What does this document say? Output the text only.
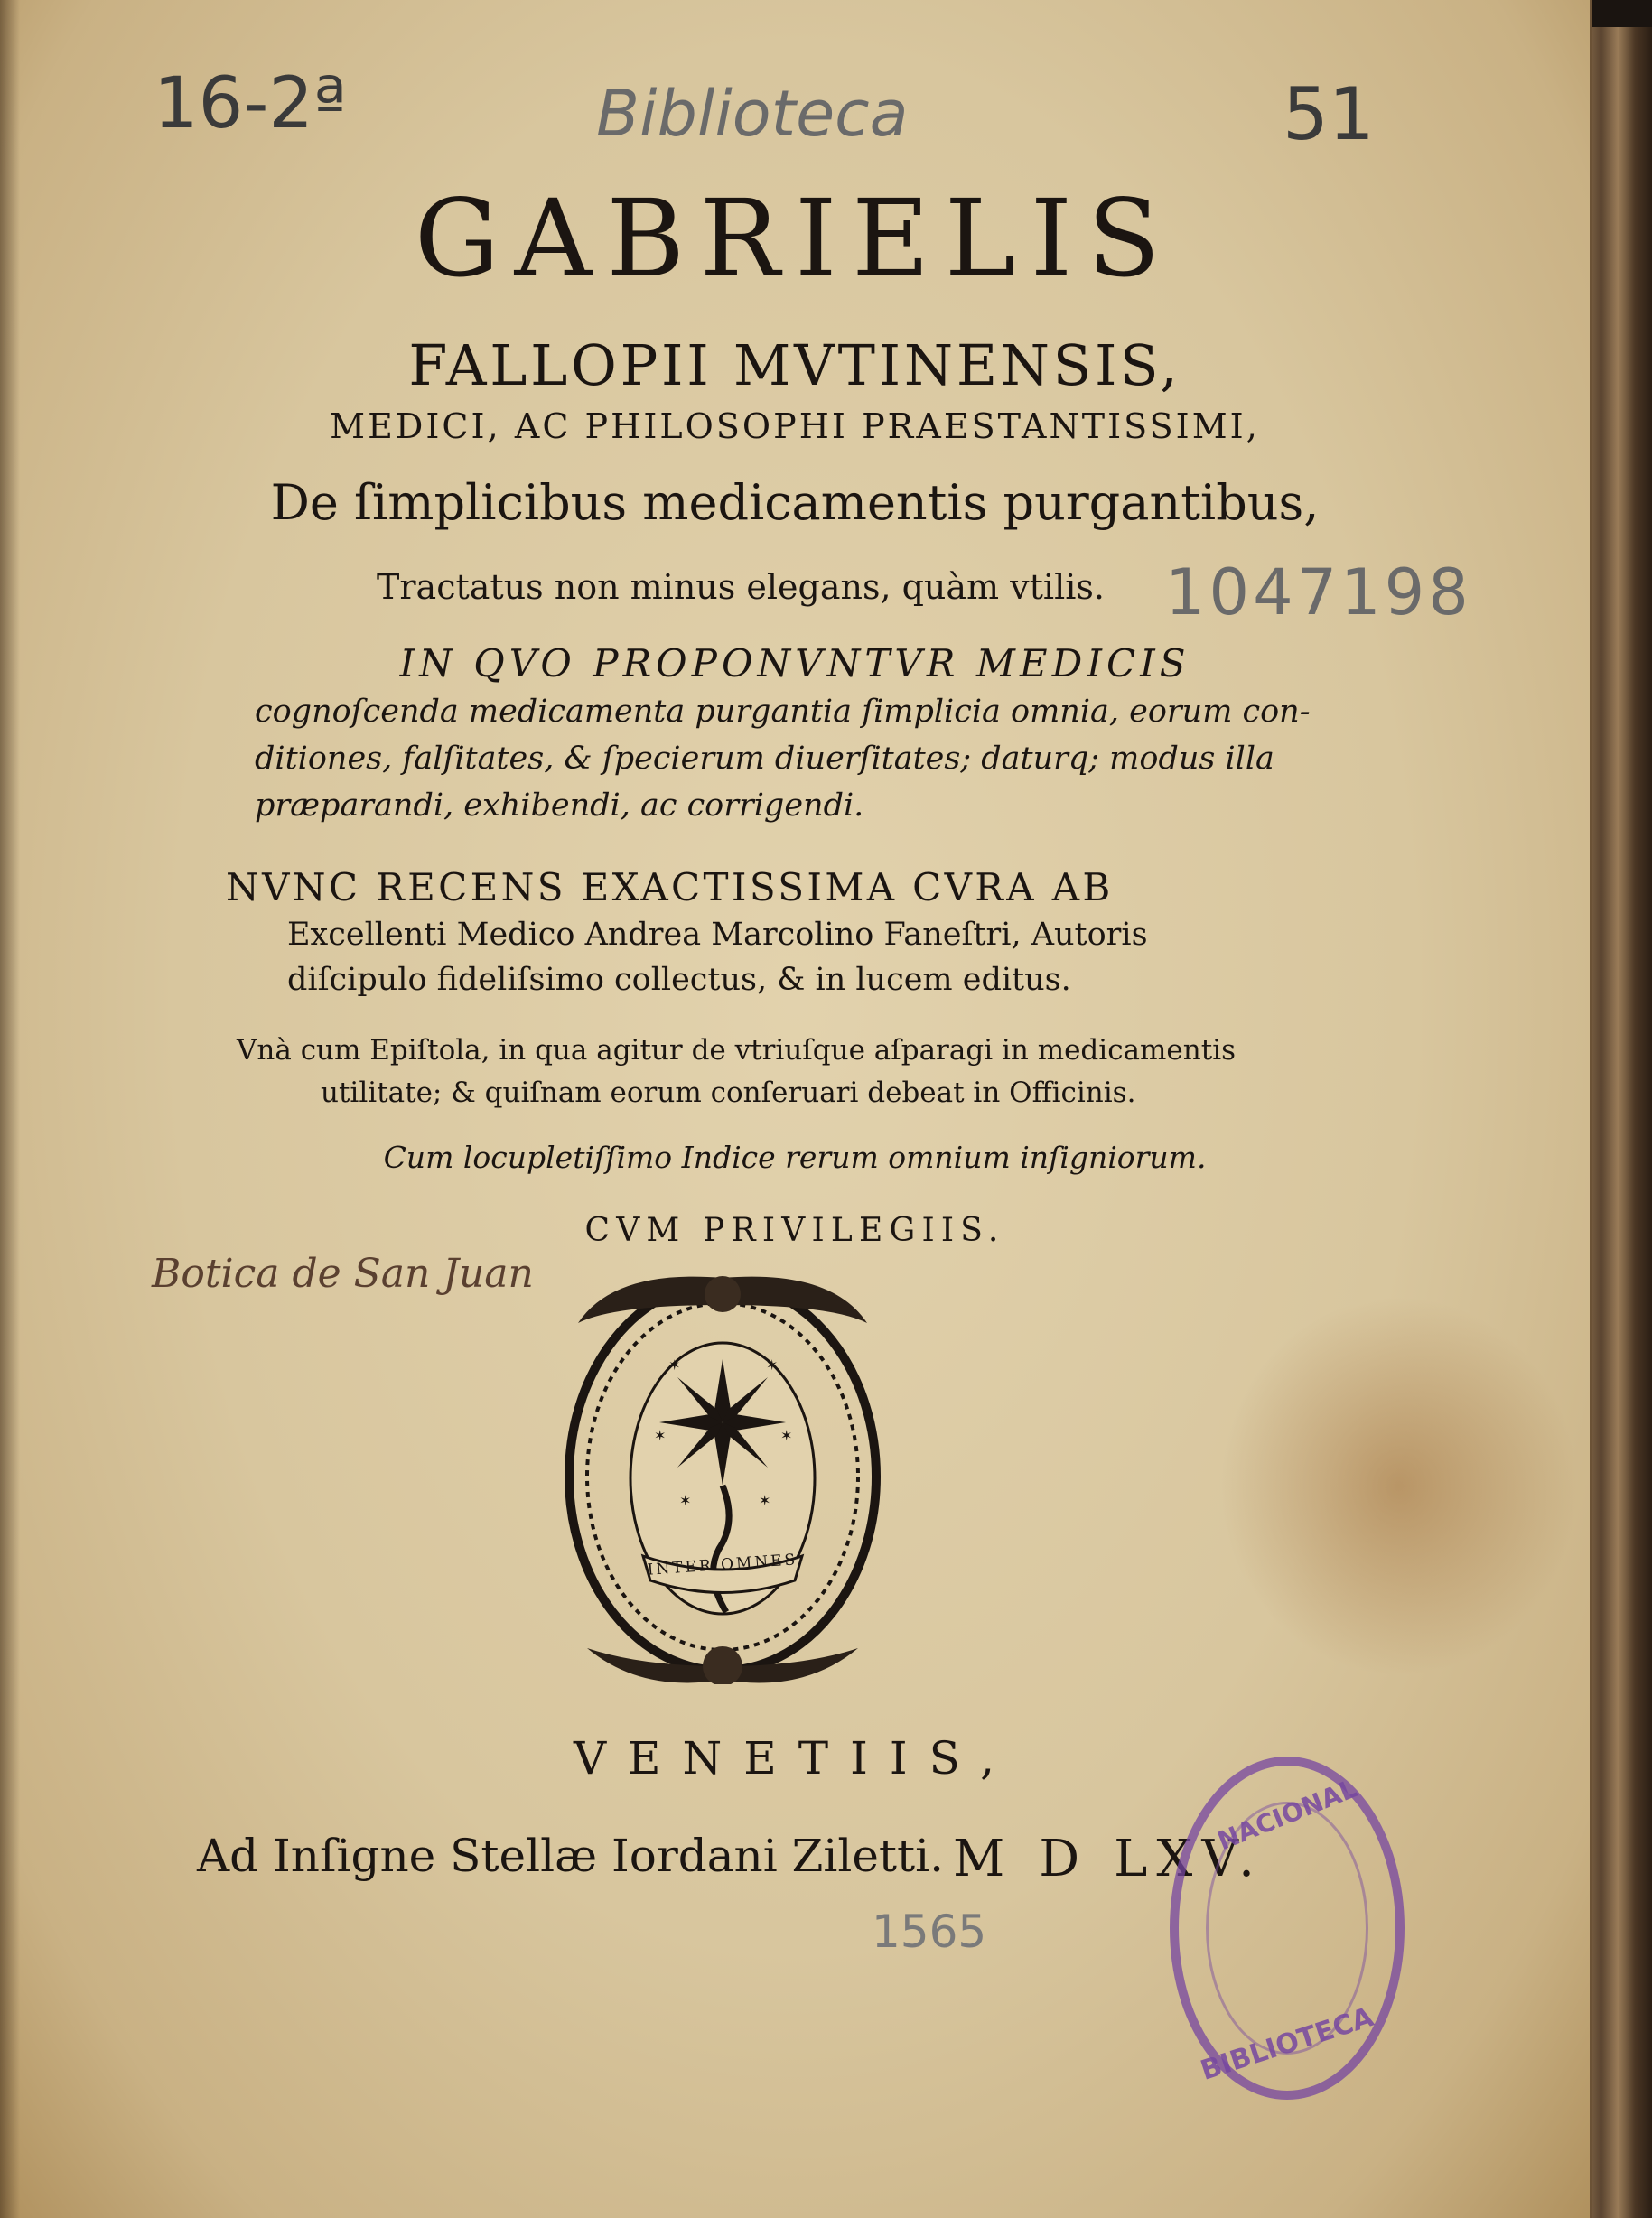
16-2ª	Biblioteca	51
1047198
Botica de San Juan
1565
GABRIELIS
FALLOPII MVTINENSIS,
MEDICI, AC PHILOSOPHI PRAESTANTISSIMI,
De ſimplicibus medicamentis purgantibus,
Tractatus non minus elegans, quàm vtilis.
IN QVO PROPONVNTVR MEDICIS
cognoſcenda medicamenta purgantia ſimplicia omnia, eorum con-
ditiones, falſitates, & ſpecierum diuerſitates; daturq; modus illa
præparandi, exhibendi, ac corrigendi.
NVNC RECENS EXACTISSIMA CVRA AB
Excellenti Medico Andrea Marcolino Faneſtri, Autoris
diſcipulo fideliſsimo collectus, & in lucem editus.
Vnà cum Epiſtola, in qua agitur de vtriuſque aſparagi in medicamentis
utilitate; & quiſnam eorum conſeruari debeat in Officinis.
Cum locupletiſſimo Indice rerum omnium inſigniorum.
CVM PRIVILEGIIS.
✶	✶
✶	✶
✶	✶
INTER OMNES
VENETIIS,
Ad Inſigne Stellæ Iordani Ziletti. M D LXV.
NACIONAL
BIBLIOTECA
